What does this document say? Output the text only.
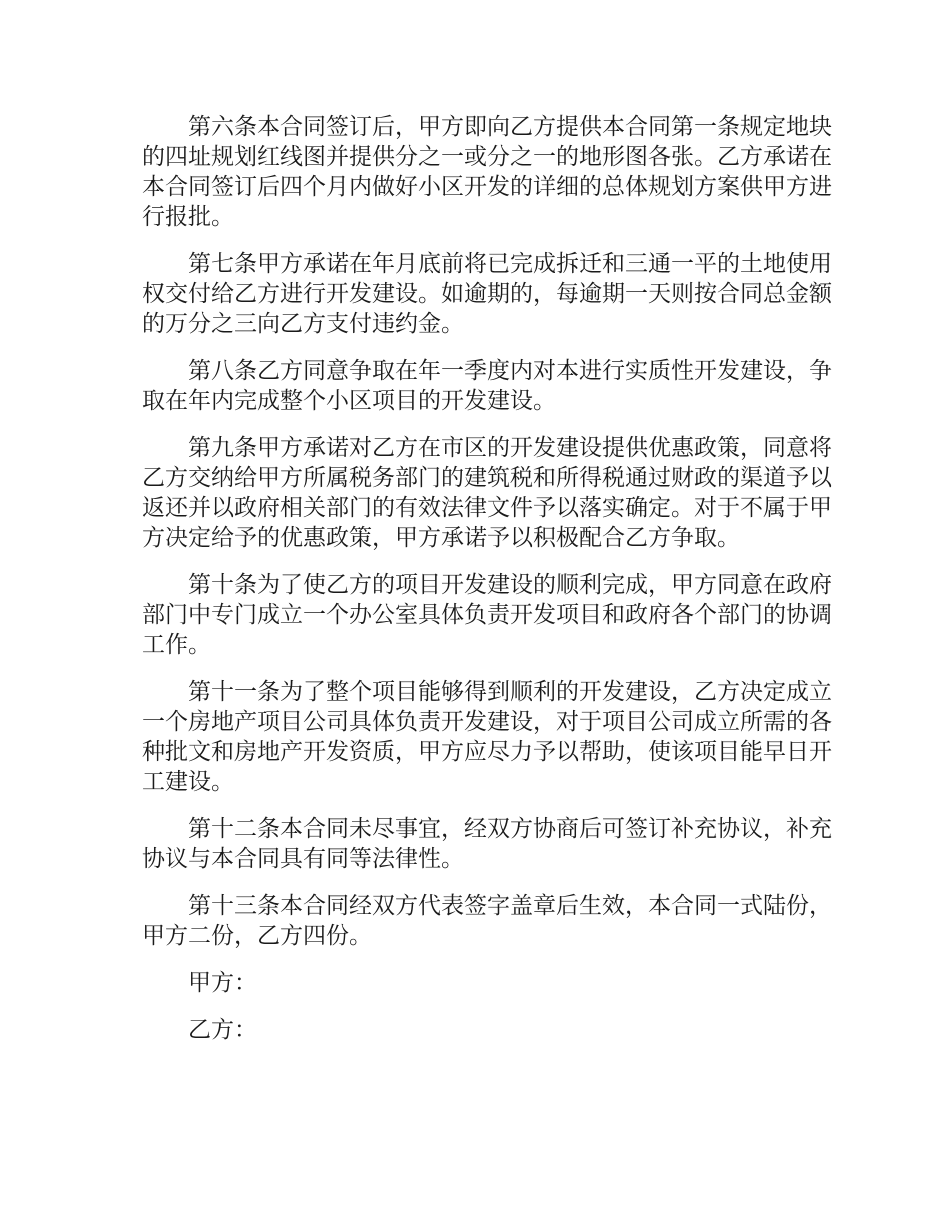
第六条本合同签订后，甲方即向乙方提供本合同第一条规定地块的四址规划红线图并提供分之一或分之一的地形图各张。乙方承诺在本合同签订后四个月内做好小区开发的详细的总体规划方案供甲方进行报批。

第七条甲方承诺在年月底前将已完成拆迁和三通一平的土地使用权交付给乙方进行开发建设。如逾期的，每逾期一天则按合同总金额的万分之三向乙方支付违约金。

第八条乙方同意争取在年一季度内对本进行实质性开发建设，争取在年内完成整个小区项目的开发建设。

第九条甲方承诺对乙方在市区的开发建设提供优惠政策，同意将乙方交纳给甲方所属税务部门的建筑税和所得税通过财政的渠道予以返还并以政府相关部门的有效法律文件予以落实确定。对于不属于甲方决定给予的优惠政策，甲方承诺予以积极配合乙方争取。

第十条为了使乙方的项目开发建设的顺利完成，甲方同意在政府部门中专门成立一个办公室具体负责开发项目和政府各个部门的协调工作。

第十一条为了整个项目能够得到顺利的开发建设，乙方决定成立一个房地产项目公司具体负责开发建设，对于项目公司成立所需的各种批文和房地产开发资质，甲方应尽力予以帮助，使该项目能早日开工建设。

第十二条本合同未尽事宜，经双方协商后可签订补充协议，补充协议与本合同具有同等法律性。

第十三条本合同经双方代表签字盖章后生效，本合同一式陆份，甲方二份，乙方四份。

甲方：

乙方：
